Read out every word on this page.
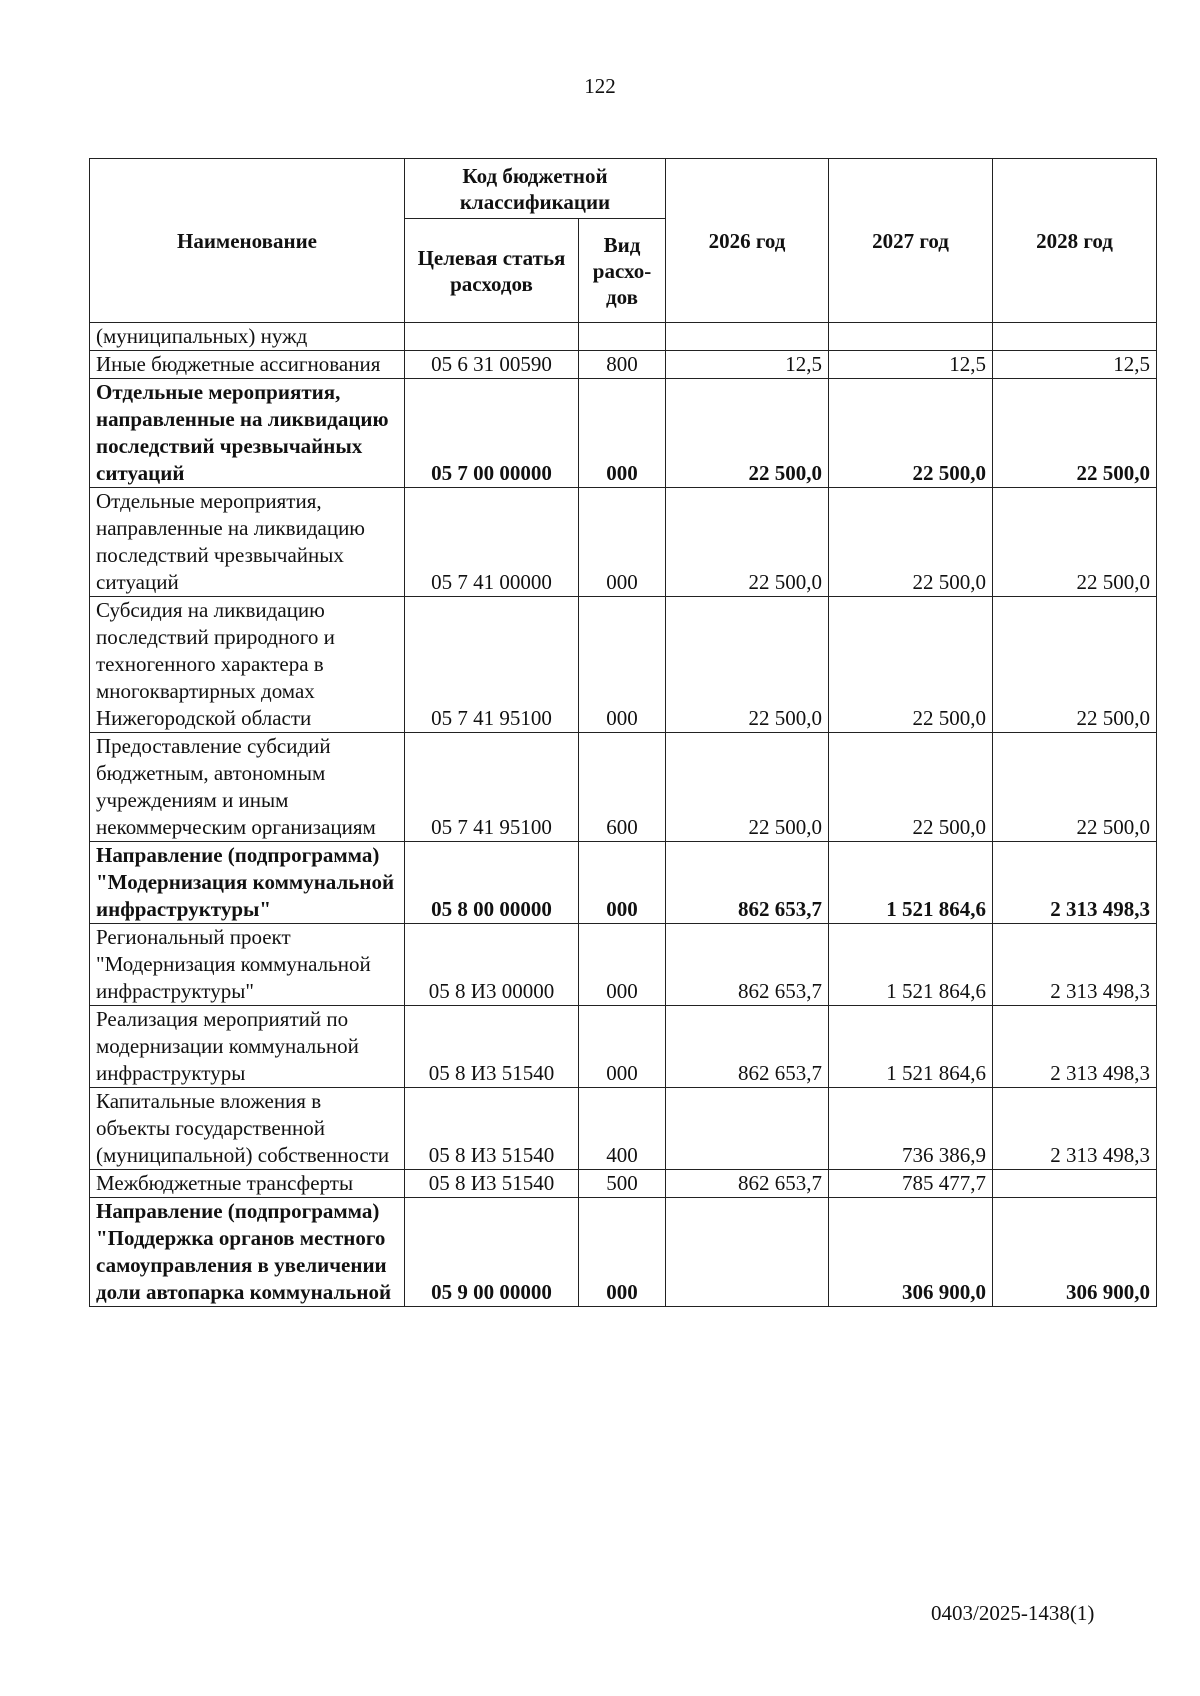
122
Наименование	Код бюджетной классификации		2026 год	2027 год	2028 год
	Целевая статья расходов	Вид расхо-дов			
(муниципальных) нужд					
Иные бюджетные ассигнования	05 6 31 00590	800	12,5	12,5	12,5
Отдельные мероприятия, направленные на ликвидацию последствий чрезвычайных ситуаций	05 7 00 00000	000	22 500,0	22 500,0	22 500,0
Отдельные мероприятия, направленные на ликвидацию последствий чрезвычайных ситуаций	05 7 41 00000	000	22 500,0	22 500,0	22 500,0
Субсидия на ликвидацию последствий природного и техногенного характера в многоквартирных домах Нижегородской области	05 7 41 95100	000	22 500,0	22 500,0	22 500,0
Предоставление субсидий бюджетным, автономным учреждениям и иным некоммерческим организациям	05 7 41 95100	600	22 500,0	22 500,0	22 500,0
Направление (подпрограмма) "Модернизация коммунальной инфраструктуры"	05 8 00 00000	000	862 653,7	1 521 864,6	2 313 498,3
Региональный проект "Модернизация коммунальной инфраструктуры"	05 8 И3 00000	000	862 653,7	1 521 864,6	2 313 498,3
Реализация мероприятий по модернизации коммунальной инфраструктуры	05 8 И3 51540	000	862 653,7	1 521 864,6	2 313 498,3
Капитальные вложения в объекты государственной (муниципальной) собственности	05 8 И3 51540	400		736 386,9	2 313 498,3
Межбюджетные трансферты	05 8 И3 51540	500	862 653,7	785 477,7	
Направление (подпрограмма) "Поддержка органов местного самоуправления в увеличении доли автопарка коммунальной	05 9 00 00000	000		306 900,0	306 900,0
0403/2025-1438(1)
